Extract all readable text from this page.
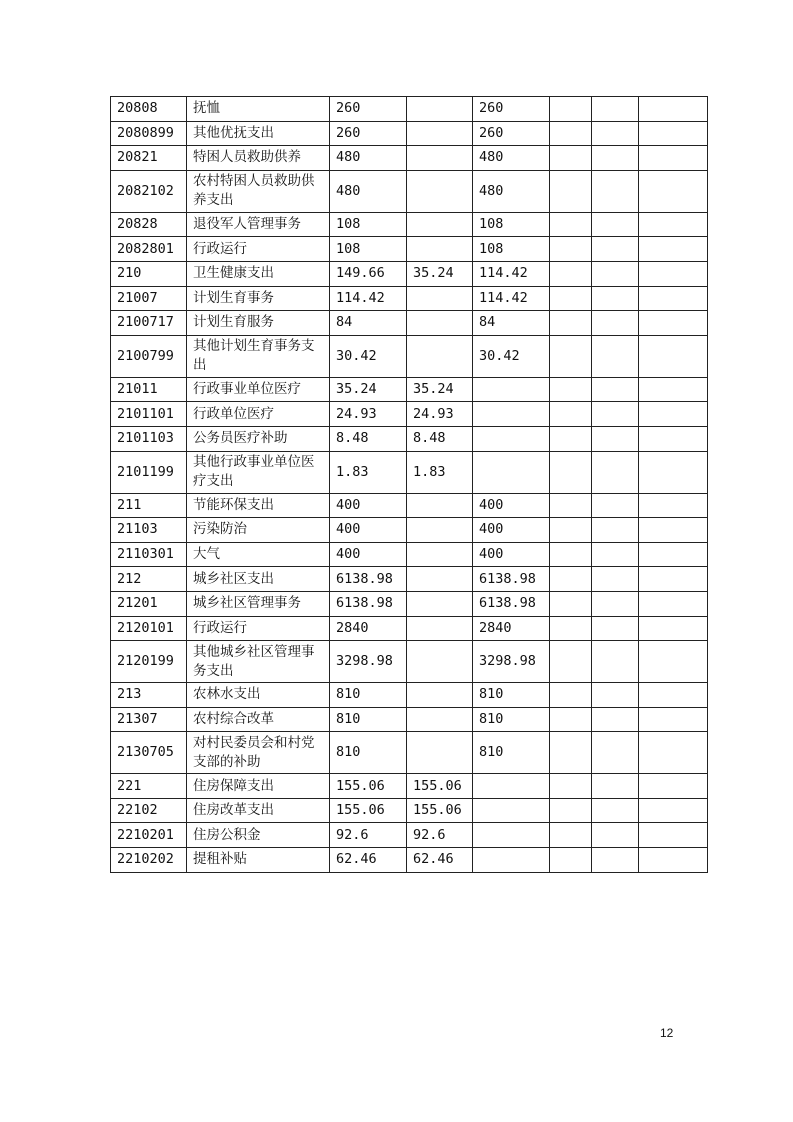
20808	抚恤	260		260			
2080899	其他优抚支出	260		260			
20821	特困人员救助供养	480		480			
2082102	农村特困人员救助供养支出	480		480			
20828	退役军人管理事务	108		108			
2082801	行政运行	108		108			
210	卫生健康支出	149.66	35.24	114.42			
21007	计划生育事务	114.42		114.42			
2100717	计划生育服务	84		84			
2100799	其他计划生育事务支出	30.42		30.42			
21011	行政事业单位医疗	35.24	35.24				
2101101	行政单位医疗	24.93	24.93				
2101103	公务员医疗补助	8.48	8.48				
2101199	其他行政事业单位医疗支出	1.83	1.83				
211	节能环保支出	400		400			
21103	污染防治	400		400			
2110301	大气	400		400			
212	城乡社区支出	6138.98		6138.98			
21201	城乡社区管理事务	6138.98		6138.98			
2120101	行政运行	2840		2840			
2120199	其他城乡社区管理事务支出	3298.98		3298.98			
213	农林水支出	810		810			
21307	农村综合改革	810		810			
2130705	对村民委员会和村党支部的补助	810		810			
221	住房保障支出	155.06	155.06				
22102	住房改革支出	155.06	155.06				
2210201	住房公积金	92.6	92.6				
2210202	提租补贴	62.46	62.46				
12
